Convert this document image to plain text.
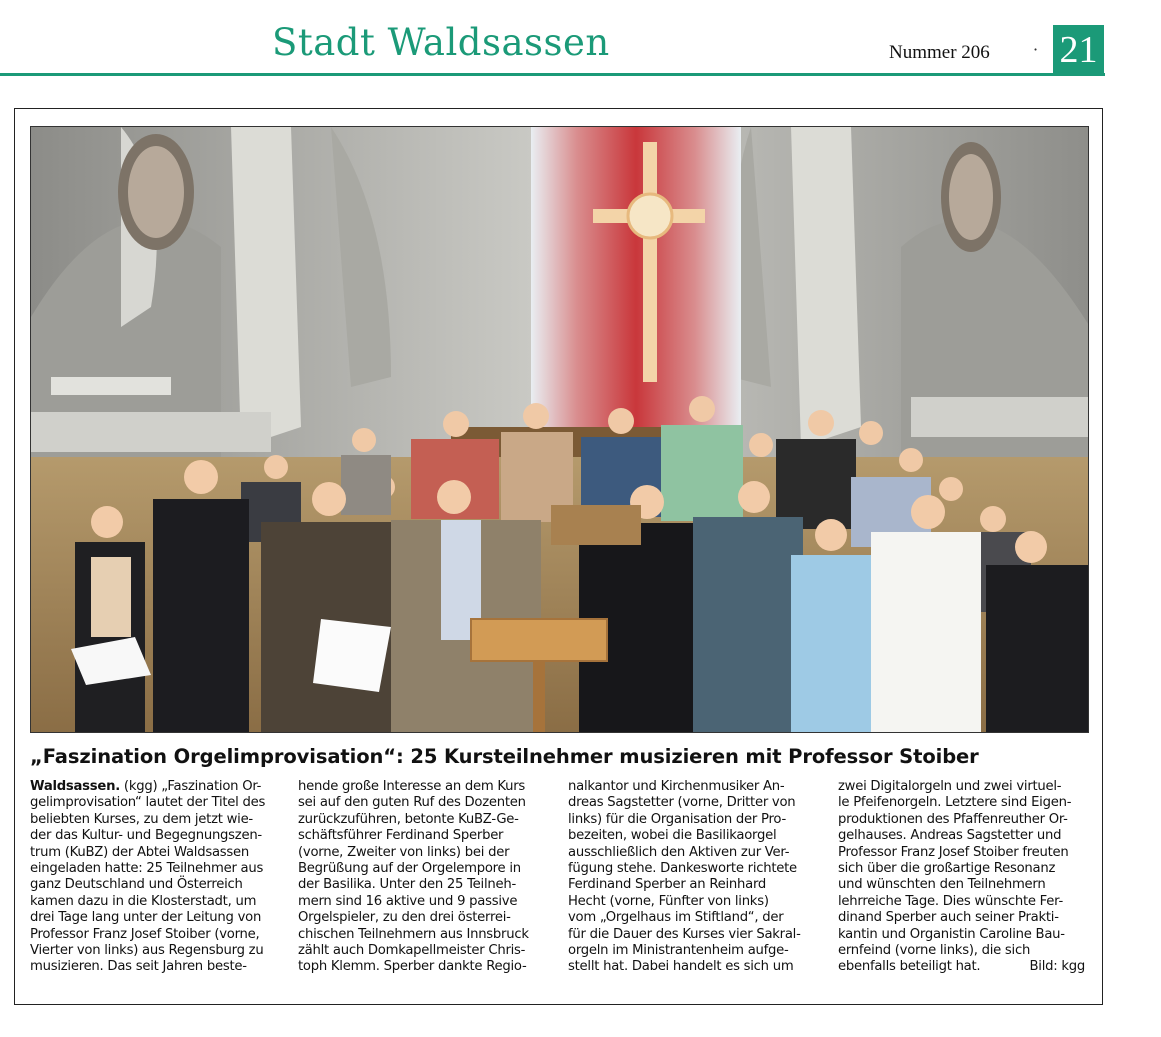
Stadt Waldsassen	Nummer 206	· 21
„Faszination Orgelimprovisation“: 25 Kursteilnehmer musizieren mit Professor Stoiber
Waldsassen. (kgg) „Faszination Or-
gelimprovisation“ lautet der Titel des
beliebten Kurses, zu dem jetzt wie-
der das Kultur- und Begegnungszen-
trum (KuBZ) der Abtei Waldsassen
eingeladen hatte: 25 Teilnehmer aus
ganz Deutschland und Österreich
kamen dazu in die Klosterstadt, um
drei Tage lang unter der Leitung von
Professor Franz Josef Stoiber (vorne,
Vierter von links) aus Regensburg zu
musizieren. Das seit Jahren beste-
hende große Interesse an dem Kurs
sei auf den guten Ruf des Dozenten
zurückzuführen, betonte KuBZ-Ge-
schäftsführer Ferdinand Sperber
(vorne, Zweiter von links) bei der
Begrüßung auf der Orgelempore in
der Basilika. Unter den 25 Teilneh-
mern sind 16 aktive und 9 passive
Orgelspieler, zu den drei österrei-
chischen Teilnehmern aus Innsbruck
zählt auch Domkapellmeister Chris-
toph Klemm. Sperber dankte Regio-
nalkantor und Kirchenmusiker An-
dreas Sagstetter (vorne, Dritter von
links) für die Organisation der Pro-
bezeiten, wobei die Basilikaorgel
ausschließlich den Aktiven zur Ver-
fügung stehe. Dankesworte richtete
Ferdinand Sperber an Reinhard
Hecht (vorne, Fünfter von links)
vom „Orgelhaus im Stiftland“, der
für die Dauer des Kurses vier Sakral-
orgeln im Ministrantenheim aufge-
stellt hat. Dabei handelt es sich um
zwei Digitalorgeln und zwei virtuel-
le Pfeifenorgeln. Letztere sind Eigen-
produktionen des Pfaffenreuther Or-
gelhauses. Andreas Sagstetter und
Professor Franz Josef Stoiber freuten
sich über die großartige Resonanz
und wünschten den Teilnehmern
lehrreiche Tage. Dies wünschte Fer-
dinand Sperber auch seiner Prakti-
kantin und Organistin Caroline Bau-
ernfeind (vorne links), die sich
ebenfalls beteiligt hat.	Bild: kgg
